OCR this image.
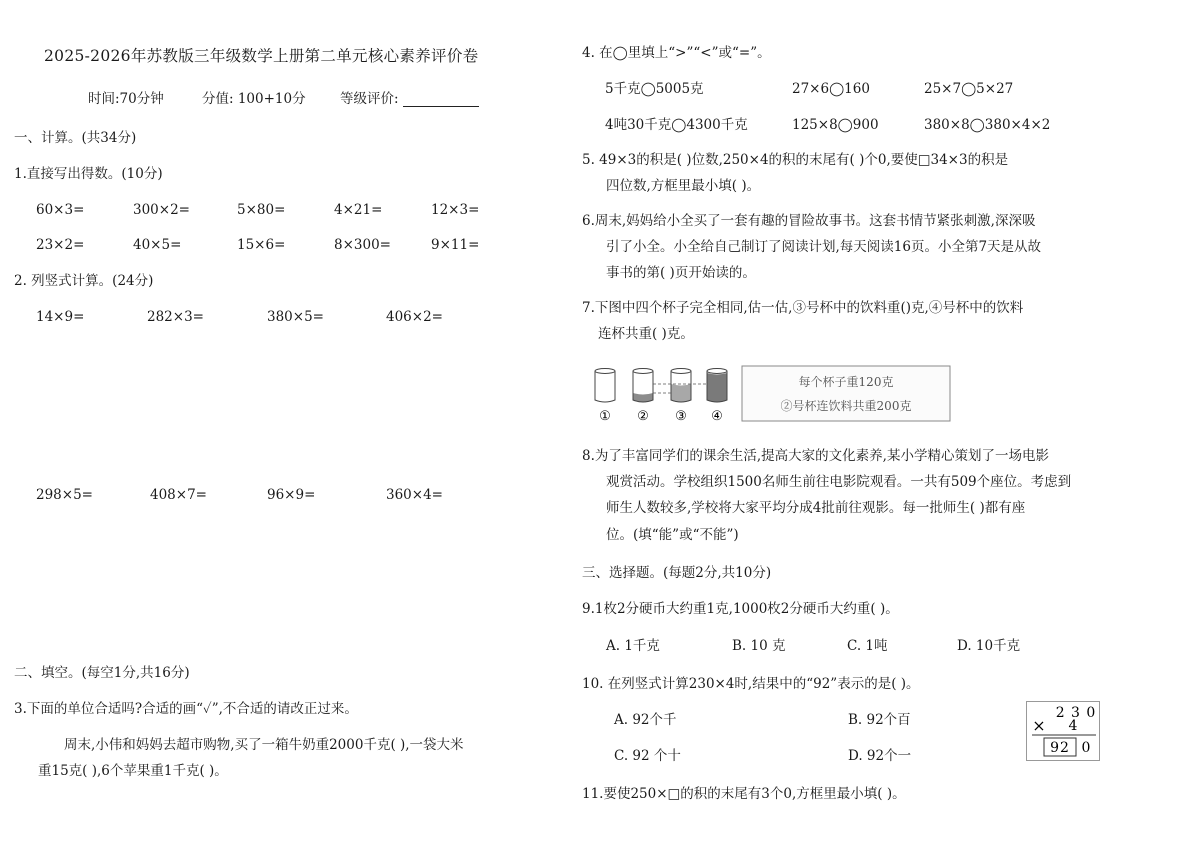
2025-2026年苏教版三年级数学上册第二单元核心素养评价卷
时间:70分钟	分值: 100+10分	等级评价:
一、计算。(共34分)
1.直接写出得数。(10分)
60×3=	300×2=	5×80=	4×21=	12×3=
23×2=	40×5=	15×6=	8×300=	9×11=
2. 列竖式计算。(24分)
14×9=	282×3=	380×5=	406×2=
298×5=	408×7=	96×9=	360×4=
二、填空。(每空1分,共16分)
3.下面的单位合适吗?合适的画“✓”,不合适的请改正过来。
周末,小伟和妈妈去超市购物,买了一箱牛奶重2000千克( ),一袋大米
重15克( ),6个苹果重1千克( )。
4. 在◯里填上“>”“<”或“=”。
5千克◯5005克	27×6◯160	25×7◯5×27
4吨30千克◯4300千克	125×8◯900	380×8◯380×4×2
5. 49×3的积是( )位数,250×4的积的末尾有( )个0,要使□34×3的积是
四位数,方框里最小填( )。
6.周末,妈妈给小全买了一套有趣的冒险故事书。这套书情节紧张刺激,深深吸
引了小全。小全给自己制订了阅读计划,每天阅读16页。小全第7天是从故
事书的第( )页开始读的。
7.下图中四个杯子完全相同,估一估,③号杯中的饮料重()克,④号杯中的饮料
连杯共重( )克。
① ② ③ ④
每个杯子重120克
②号杯连饮料共重200克
8.为了丰富同学们的课余生活,提高大家的文化素养,某小学精心策划了一场电影
观赏活动。学校组织1500名师生前往电影院观看。一共有509个座位。考虑到
师生人数较多,学校将大家平均分成4批前往观影。每一批师生( )都有座
位。(填“能”或“不能”)
三、选择题。(每题2分,共10分)
9.1枚2分硬币大约重1克,1000枚2分硬币大约重( )。
A. 1千克	B. 10 克	C. 1吨	D. 10千克
10. 在列竖式计算230×4时,结果中的“92”表示的是( )。
A. 92个千	B. 92个百
C. 92 个十	D. 92个一
2 3 0
× 4
92 0
11.要使250×□的积的末尾有3个0,方框里最小填( )。
